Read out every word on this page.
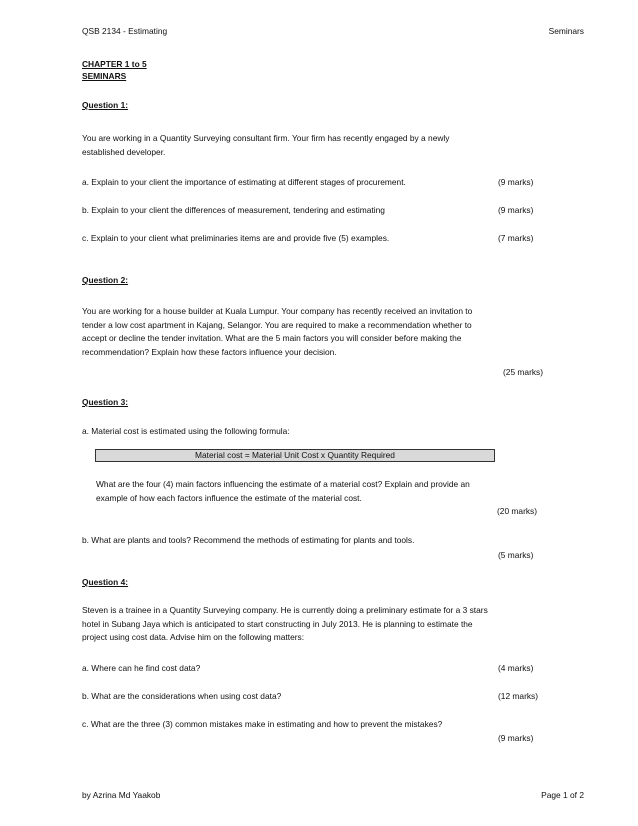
QSB 2134 - Estimating	Seminars
CHAPTER 1 to 5
SEMINARS
Question 1:
You are working in a Quantity Surveying consultant firm. Your firm has recently engaged by a newly
established developer.
a. Explain to your client the importance of estimating at different stages of procurement.	(9 marks)
b. Explain to your client the differences of measurement, tendering and estimating	(9 marks)
c. Explain to your client what preliminaries items are and provide five (5) examples.	(7 marks)
Question 2:
You are working for a house builder at Kuala Lumpur. Your company has recently received an invitation to
tender a low cost apartment in Kajang, Selangor. You are required to make a recommendation whether to
accept or decline the tender invitation. What are the 5 main factors you will consider before making the
recommendation? Explain how these factors influence your decision.
(25 marks)
Question 3:
a. Material cost is estimated using the following formula:
Material cost = Material Unit Cost x Quantity Required
What are the four (4) main factors influencing the estimate of a material cost? Explain and provide an
example of how each factors influence the estimate of the material cost.
(20 marks)
b. What are plants and tools? Recommend the methods of estimating for plants and tools.
(5 marks)
Question 4:
Steven is a trainee in a Quantity Surveying company. He is currently doing a preliminary estimate for a 3 stars
hotel in Subang Jaya which is anticipated to start constructing in July 2013. He is planning to estimate the
project using cost data. Advise him on the following matters:
a. Where can he find cost data?	(4 marks)
b. What are the considerations when using cost data?	(12 marks)
c. What are the three (3) common mistakes make in estimating and how to prevent the mistakes?
(9 marks)
by Azrina Md Yaakob	Page 1 of 2
